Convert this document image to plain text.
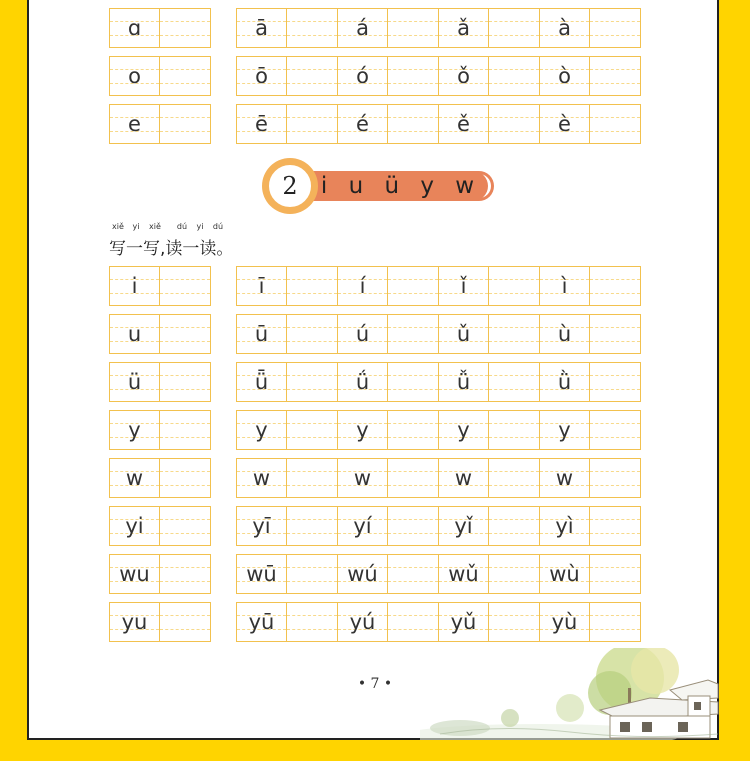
ɑ	ā	á	ǎ	à
o	ō	ó	ǒ	ò
e	ē	é	ě	è
i u ü y w
2
xiě	yi	xiě	dú	yi	dú
写一写,读一读。
i	ī	í	ǐ	ì
u	ū	ú	ǔ	ù
ü	ǖ	ǘ	ǚ	ǜ
y	y	y	y	y
w	w	w	w	w
yi	yī	yí	yǐ	yì
wu	wū	wú	wǔ	wù
yu	yū	yú	yǔ	yù
• 7 •
